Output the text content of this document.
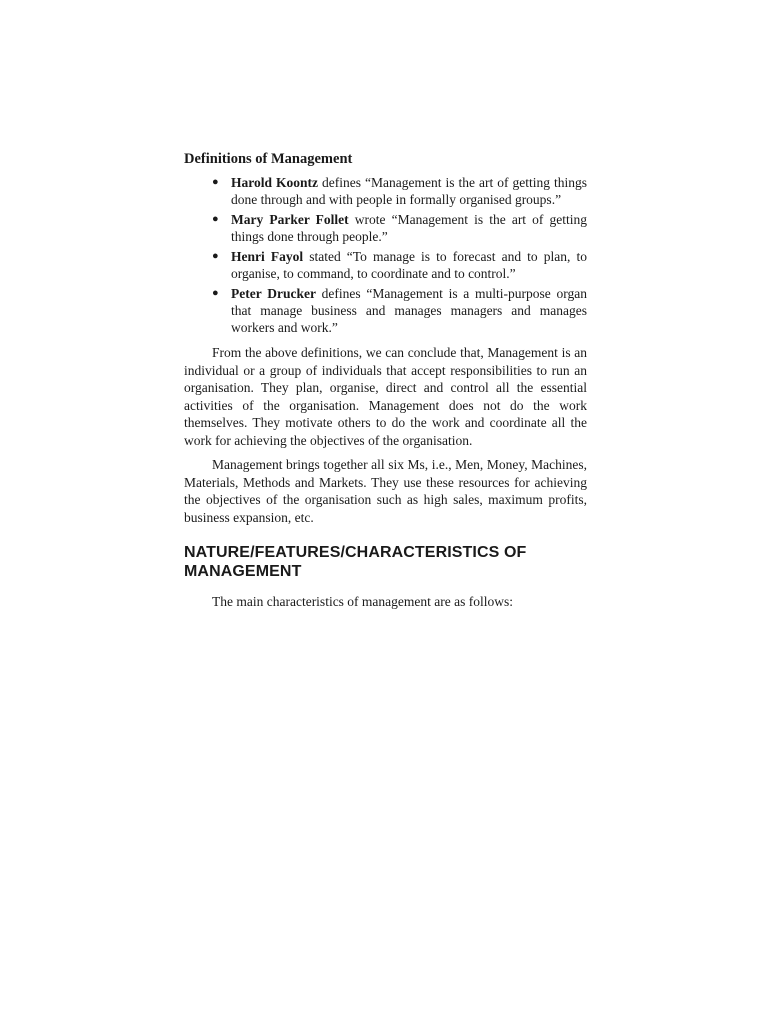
Definitions of Management
● Harold Koontz defines “Management is the art of getting things done through and with people in formally organised groups.”
● Mary Parker Follet wrote “Management is the art of getting things done through people.”
● Henri Fayol stated “To manage is to forecast and to plan, to organise, to command, to coordinate and to control.”
● Peter Drucker defines “Management is a multi-purpose organ that manage business and manages managers and manages workers and work.”

From the above definitions, we can conclude that, Management is an individual or a group of individuals that accept responsibilities to run an organisation. They plan, organise, direct and control all the essential activities of the organisation. Management does not do the work themselves. They motivate others to do the work and coordinate all the work for achieving the objectives of the organisation.

Management brings together all six Ms, i.e., Men, Money, Machines, Materials, Methods and Markets. They use these resources for achieving the objectives of the organisation such as high sales, maximum profits, business expansion, etc.

NATURE/FEATURES/CHARACTERISTICS OF
MANAGEMENT

The main characteristics of management are as follows:
